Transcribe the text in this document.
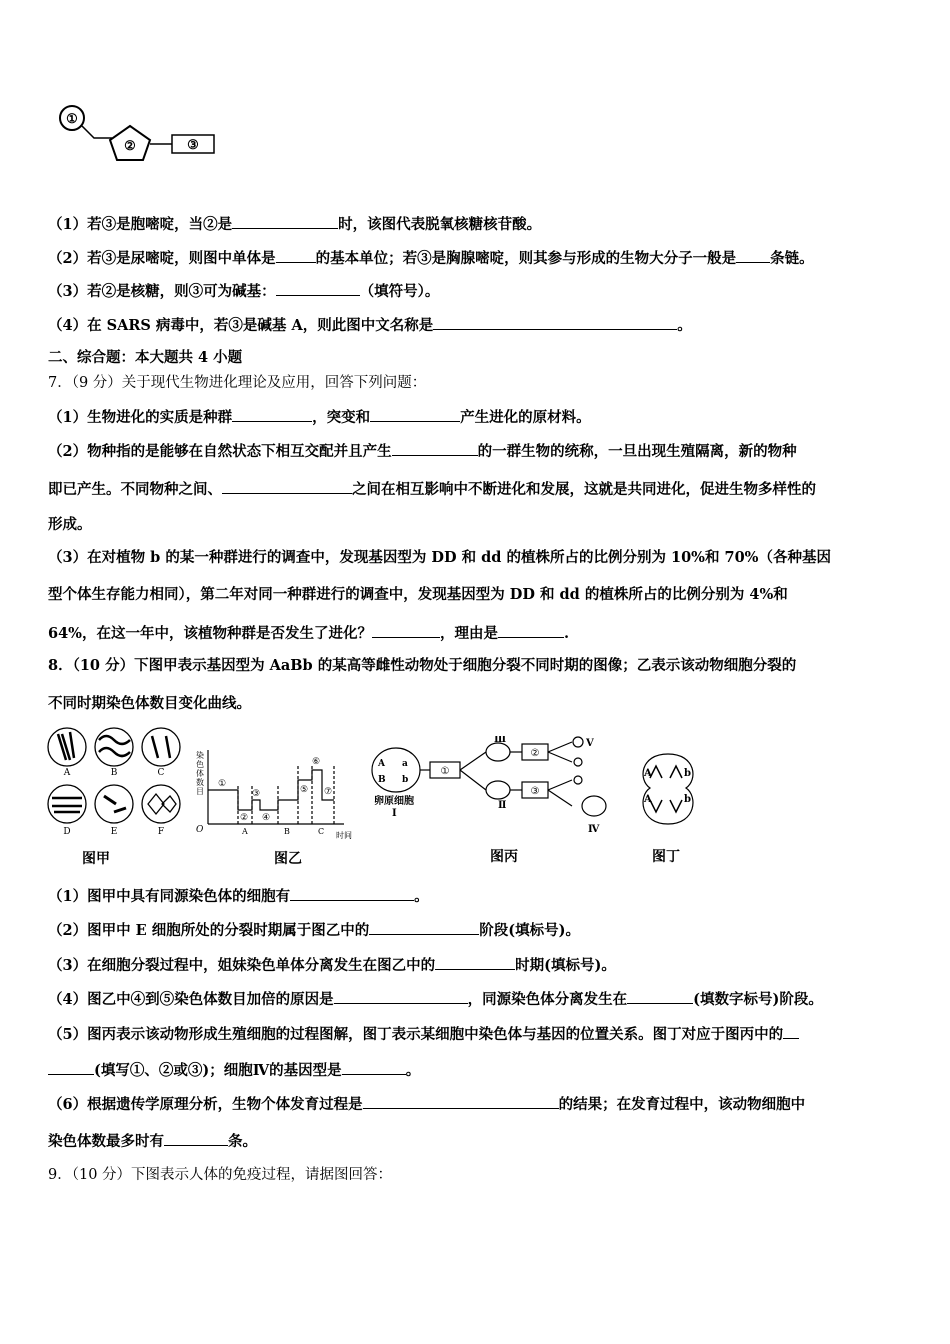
①
②	③
（1）若③是胞嘧啶，当②是	时，该图代表脱氧核糖核苷酸。
（2）若③是尿嘧啶，则图中单体是	的基本单位；若③是胸腺嘧啶，则其参与形成的生物大分子一般是 条链。
（3）若②是核糖，则③可为碱基：	（填符号）。
（4）在 SARS 病毒中，若③是碱基 A，则此图中文名称是	。
二、综合题：本大题共 4 小题
7．（9 分）关于现代生物进化理论及应用，回答下列问题：
（1）生物进化的实质是种群	，突变和	产生进化的原材料。
（2）物种指的是能够在自然状态下相互交配并且产生	的一群生物的统称，一旦出现生殖隔离，新的物种
即已产生。不同物种之间、	之间在相互影响中不断进化和发展，这就是共同进化，促进生物多样性的
形成。
（3）在对植物 b 的某一种群进行的调查中，发现基因型为 DD 和 dd 的植株所占的比例分别为 10%和 70%（各种基因
型个体生存能力相同），第二年对同一种群进行的调查中，发现基因型为 DD 和 dd 的植株所占的比例分别为 4%和
64%，在这一年中，该植物种群是否发生了进化？	，理由是	.
8．（10 分）下图甲表示基因型为 AaBb 的某高等雌性动物处于细胞分裂不同时期的图像；乙表示该动物细胞分裂的
不同时期染色体数目变化曲线。
A	B	C
D	E	F
染
色
体
数
目
①
②
③
④
⑤
⑥
⑦
O	A	B	C 时间
A a
B b
卵原细胞
Ⅰ
①
②
③
Ⅱ
Ⅲ
Ⅳ
Ⅴ
A
A
b
b
图甲	图乙	图丙	图丁
（1）图甲中具有同源染色体的细胞有	。
（2）图甲中 E 细胞所处的分裂时期属于图乙中的	阶段(填标号)。
（3）在细胞分裂过程中，姐妹染色单体分离发生在图乙中的	时期(填标号)。
（4）图乙中④到⑤染色体数目加倍的原因是	，同源染色体分离发生在	(填数字标号)阶段。
（5）图丙表示该动物形成生殖细胞的过程图解，图丁表示某细胞中染色体与基因的位置关系。图丁对应于图丙中的
(填写①、②或③)；细胞Ⅳ的基因型是	。
（6）根据遗传学原理分析，生物个体发育过程是	的结果；在发育过程中，该动物细胞中
染色体数最多时有	条。
9．（10 分）下图表示人体的免疫过程，请据图回答：
